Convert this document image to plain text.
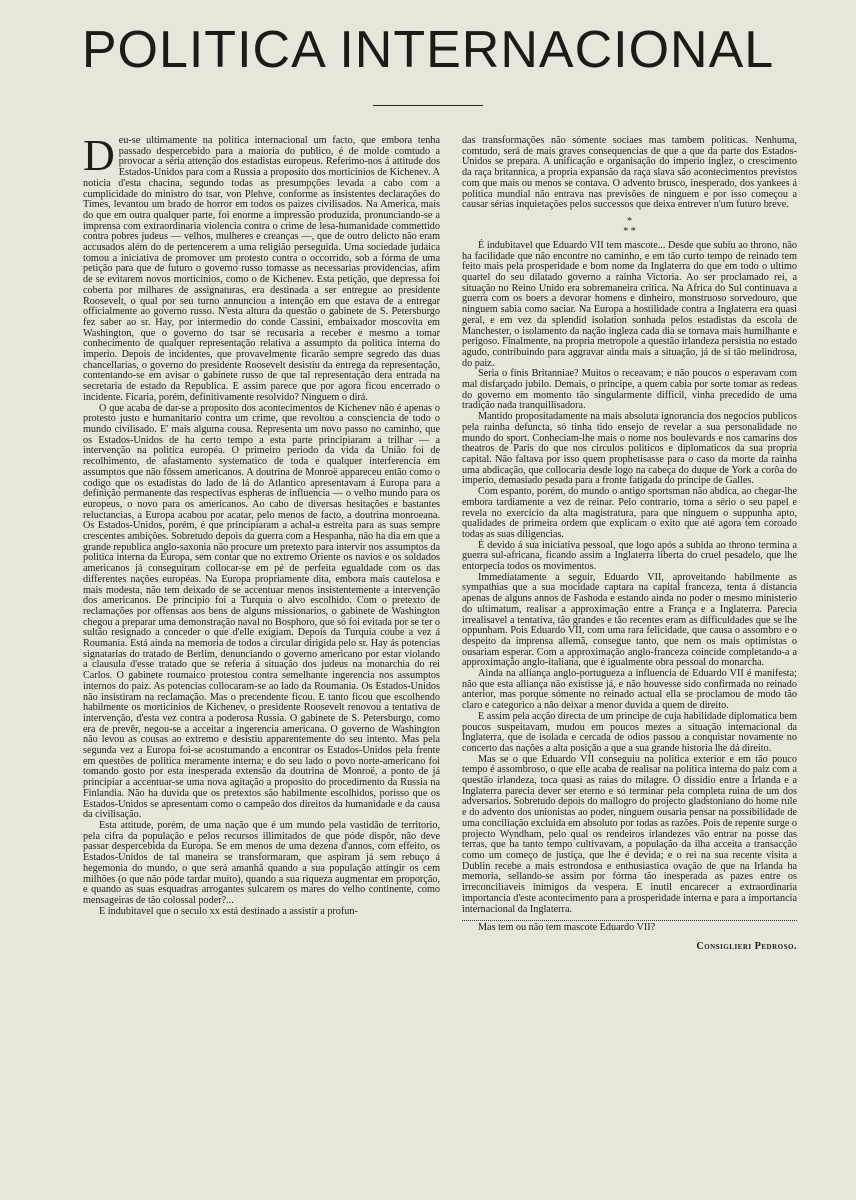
POLITICA INTERNACIONAL
D eu-se ultimamente na politica internacional um facto, que embora tenha passado despercebido para a maioria do publico, é de molde comtudo a provocar a séria attenção dos estadistas europeus. Referimo-nos á attitude dos Estados-Unidos para com a Russia a proposito dos morticinios de Kichenev. A noticia d'esta chacina, segundo todas as presumpções levada a cabo com a cumplicidade do ministro do tsar, von Plehve, conforme as insistentes declarações do Times, levantou um brado de horror em todos os paizes civilisados. Na America, mais do que em outra qualquer parte, foi enorme a impressão produzida, pronunciando-se a imprensa com extraordinaria violencia contra o crime de lesa-humanidade commettido contra pobres judeus — velhos, mulheres e creanças —, que de outro delicto não eram accusados além do de pertencerem a uma religião perseguida. Uma sociedade judaica tomou a iniciativa de promover um protesto contra o occorrido, sob a fórma de uma petição para que de futuro o governo russo tomasse as necessarias providencias, afim de se evitarem novos morticinios, como o de Kichenev. Esta petição, que depressa foi coberta por milhares de assignaturas, era destinada a ser entregue ao presidente Roosevelt, o qual por seu turno annunciou a intenção em que estava de a entregar officialmente ao governo russo. N'esta altura da questão o gabinete de S. Petersburgo fez saber ao sr. Hay, por intermedio do conde Cassini, embaixador moscovita em Washington, que o governo do tsar se recusaria a receber e mesmo a tomar conhecimento de qualquer representação relativa a assumpto da politica interna do imperio. Depois de incidentes, que provavelmente ficarão sempre segredo das duas chancellarias, o governo do presidente Roosevelt desistiu da entrega da representação, contentando-se em avisar o gabinete russo de que tal representação dera entrada na secretaria de estado da Republica. E assim parece que por agora ficou encerrado o incidente. Ficaria, porém, definitivamente resolvido? Ninguem o dirá.

O que acaba de dar-se a proposito dos acontecimentos de Kichenev não é apenas o protesto justo e humanitario contra um crime, que revoltou a consciencia de todo o mundo civilisado. E' mais alguma cousa. Representa um novo passo no caminho, que os Estados-Unidos de ha certo tempo a esta parte principiaram a trilhar — a intervenção na politica européa. O primeiro periodo da vida da União foi de recolhimento, de afastamento systematico de toda e qualquer interferencia em assumptos que não fôssem americanos. A doutrina de Monroë appareceu então como o codigo que os estadistas do lado de lá do Atlantico apresentavam á Europa para a definição permanente das respectivas espheras de influencia — o velho mundo para os europeus, o novo para os americanos. Ao cabo de diversas hesitações e bastantes reluctancias, a Europa acabou por acatar, pelo menos de facto, a doutrina monroeana. Os Estados-Unidos, porém, é que principiaram a achal-a estreita para as suas sempre crescentes ambições. Sobretudo depois da guerra com a Hespanha, não ha dia em que a grande republica anglo-saxonia não procure um pretexto para intervir nos assumptos da politica interna da Europa, sem contar que no extremo Oriente os navios e os soldados americanos já conseguiram collocar-se em pé de perfeita egualdade com os das differentes nações européas. Na Europa propriamente dita, embora mais cautelosa e mais modesta, não tem deixado de se accentuar menos insistentemente a intervenção dos americanos. De principio foi a Turquia o alvo escolhido. Com o pretexto de reclamações por offensas aos bens de alguns missionarios, o gabinete de Washington chegou a preparar uma demonstração naval no Bosphoro, que só foi evitada por se ter o sultão resignado a conceder o que d'elle exigiam. Depois da Turquia coube a vez á Roumania. Está ainda na memoria de todos a circular dirigida pelo sr. Hay ás potencias signatarias do tratado de Berlim, denunciando o governo americano por estar violando a clausula d'esse tratado que se referia á situação dos judeus na monarchia do rei Carlos. O gabinete roumaico protestou contra semelhante ingerencia nos assumptos internos do paiz. As potencias collocaram-se ao lado da Roumania. Os Estados-Unidos não insistiram na reclamação. Mas o precendente ficou. E tanto ficou que escolhendo habilmente os morticinios de Kichenev, o presidente Roosevelt renovou a tentativa de intervenção, d'esta vez contra a poderosa Russia. O gabinete de S. Petersburgo, como era de prevêr, negou-se a acceitar a ingerencia americana. O governo de Washington não levou as cousas ao extremo e desistiu apparentemente do seu intento. Mas pela segunda vez a Europa foi-se acostumando a encontrar os Estados-Unidos pela frente em questões de politica meramente interna; e do seu lado o povo norte-americano foi tomando gosto por esta inesperada extensão da doutrina de Monroë, a ponto de já principiar a accentuar-se uma nova agitação a proposito do procedimento da Russia na Finlandia. Não ha duvida que os pretextos são habilmente escolhidos, porisso que os Estados-Unidos se apresentam como o campeão dos direitos da humanidade e da causa da civilisação.

Esta attitude, porém, de uma nação que é um mundo pela vastidão de territorio, pela cifra da população e pelos recursos illimitados de que póde dispôr, não deve passar despercebida da Europa. Se em menos de uma dezena d'annos, com effeito, os Estados-Unidos de tal maneira se transformaram, que aspiram já sem rebuço á hegemonia do mundo, o que será amanhã quando a sua população attingir os cem milhões (o que não póde tardar muito), quando a sua riqueza augmentar em proporção, e quando as suas esquadras arrogantes sulcarem os mares do velho continente, como mensageiras de tão colossal poder?...

E indubitavel que o seculo xx está destinado a assistir a profun-

das transformações não sómente sociaes mas tambem politicas. Nenhuma, comtudo, será de mais graves consequencias de que a que da parte dos Estados-Unidos se prepara. A unificação e organisação do imperio inglez, o crescimento da raça britannica, a propria expansão da raça slava são acontecimentos previstos com que mais ou menos se contava. O advento brusco, inesperado, dos yankees á politica mundial não entrava nas previsões de ninguem e por isso começou a causar sérias inquietações pelos successos que deixa entrever n'um futuro breve.

*
* *

É indubitavel que Eduardo VII tem mascote... Desde que subiu ao throno, não ha facilidade que não encontre no caminho, e em tão curto tempo de reinado tem feito mais pela prosperidade e bom nome da Inglaterra do que em todo o ultimo quartel do seu dilatado governo a rainha Victoria. Ao ser proclamado rei, a situação no Reino Unido era sobremaneira critica. Na Africa do Sul continuava a guerra com os boers a devorar homens e dinheiro, monstruoso sorvedouro, que ninguem sabia como saciar. Na Europa a hostilidade contra a Inglaterra era quasi geral, e em vez da splendid isolation sonhada pelos estadistas da escola de Manchester, o isolamento da nação ingleza cada dia se tornava mais humilhante e perigoso. Finalmente, na propria metropole a questão irlandeza persistia no estado agudo, contribuindo para aggravar ainda mais a situação, já de si tão melindrosa, do paiz.

Seria o finis Britanniae? Muitos o receavam; e não poucos o esperavam com mal disfarçado jubilo. Demais, o principe, a quem cabia por sorte tomar as redeas do governo em momento tão singularmente difficil, vinha precedido de uma tradição nada tranquillisadora.

Mantido propositadamente na mais absoluta ignorancia dos negocios publicos pela rainha defuncta, só tinha tido ensejo de revelar a sua personalidade no mundo do sport. Conheciam-lhe mais o nome nos boulevards e nos camarins dos theatros de Paris do que nos circulos politicos e diplomaticos da sua propria capital. Não faltava por isso quem prophetisasse para o caso da morte da rainha uma abdicação, que collocaria desde logo na cabeça do duque de York a corôa do imperio, demasiado pesada para a fronte fatigada do principe de Galles.

Com espanto, porém, do mundo o antigo sportsman não abdica, ao chegar-lhe embora tardiamente a vez de reinar. Pelo contrario, toma a sério o seu papel e revela no exercicio da alta magistratura, para que ninguem o suppunha apto, qualidades de primeira ordem que explicam o exito que até agora tem coroado todas as suas diligencias.

É devido á sua iniciativa pessoal, que logo após a subida ao throno termina a guerra sul-africana, ficando assim a Inglaterra liberta do cruel pesadelo, que lhe entorpecia todos os movimentos.

Immediatamente a seguir, Eduardo VII, aproveitando habilmente as sympathias que a sua mocidade captara na capital franceza, tenta á distancia apenas de alguns annos de Fashoda e estando ainda no poder o mesmo ministerio do ultimatum, realisar a approximação entre a França e a Inglaterra. Parecia irrealisavel a tentativa, tão grandes e tão recentes eram as difficuldades que se lhe oppunham. Pois Eduardo VII, com uma rara felicidade, que causa o assombro e o despeito da imprensa allemã, consegue tanto, que nem os mais optimistas o ousariam esperar. Com a approximação anglo-franceza coincide completando-a a approximação anglo-italiana, que é igualmente obra pessoal do monarcha.

Ainda na alliança anglo-portugueza a influencia de Eduardo VII é manifesta; não que esta alliança não existisse já, e não houvesse sido confirmada no reinado anterior, mas porque sómente no reinado actual ella se proclamou de modo tão claro e categorico a não deixar a menor duvida a quem de direito.

E assim pela acção directa de um principe de cuja habilidade diplomatica bem poucos suspeitavam, mudou em poucos mezes a situação internacional da Inglaterra, que de isolada e cercada de odios passou a conquistar novamente no concerto das nações a alta posição a que a sua grande historia lhe dá direito.

Mas se o que Eduardo VII conseguiu na politica exterior e em tão pouco tempo é assombroso, o que elle acaba de realisar na politica interna do paiz com a questão irlandeza, toca quasi as raias do milagre. O dissidio entre a Irlanda e a Inglaterra parecia dever ser eterno e só terminar pela completa ruina de um dos adversarios. Sobretudo depois do mallogro do projecto gladstoniano do home rule e do advento dos unionistas ao poder, ninguem ousaria pensar na possibilidade de uma conciliação excluida em absoluto por todas as razões. Pois de repente surge o projecto Wyndham, pelo qual os rendeiros irlandezes vão entrar na posse das terras, que ha tanto tempo cultivavam, a população da ilha acceita a transacção como um começo de justiça, que lhe é devida; e o rei na sua recente visita a Dublin recebe a mais estrondosa e enthusiastica ovação de que na Irlanda ha memoria, sellando-se assim por fórma tão inesperada as pazes entre os irreconciliaveis inimigos da vespera. E inutil encarecer a extraordinaria importancia d'este acontecimento para a prosperidade interna e para a importancia internacional da Inglaterra.

Mas tem ou não tem mascote Eduardo VII?

Consiglieri Pedroso.
